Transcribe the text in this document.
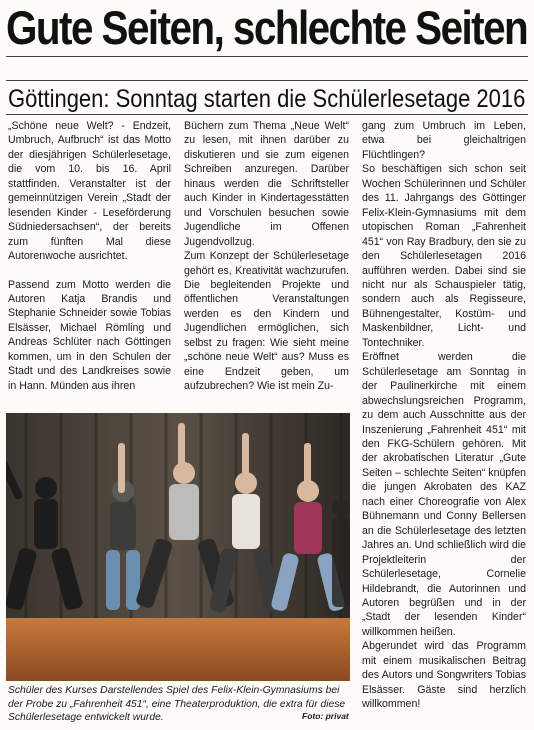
Gute Seiten, schlechte Seiten
Göttingen: Sonntag starten die Schülerlesetage 2016

„Schöne neue Welt? - Endzeit, Umbruch, Aufbruch“ ist das Motto der diesjährigen Schülerlesetage, die vom 10. bis 16. April stattfinden. Veranstalter ist der gemeinnützigen Verein „Stadt der lesenden Kinder - Leseförderung Südniedersachsen“, der bereits zum fünften Mal diese Autorenwoche ausrichtet.

Passend zum Motto werden die Autoren Katja Brandis und Stephanie Schneider sowie Tobias Elsässer, Michael Römling und Andreas Schlüter nach Göttingen kommen, um in den Schulen der Stadt und des Landkreises sowie in Hann. Münden aus ihren

Büchern zum Thema „Neue Welt“ zu lesen, mit ihnen darüber zu diskutieren und sie zum eigenen Schreiben anzuregen. Darüber hinaus werden die Schriftsteller auch Kinder in Kindertagesstätten und Vorschulen besuchen sowie Jugendliche im Offenen Jugendvollzug.

Zum Konzept der Schülerlesetage gehört es, Kreativität wachzurufen. Die begleitenden Projekte und öffentlichen Veranstaltungen werden es den Kindern und Jugendlichen ermöglichen, sich selbst zu fragen: Wie sieht meine „schöne neue Welt“ aus? Muss es eine Endzeit geben, um aufzubrechen? Wie ist mein Zu-

gang zum Umbruch im Leben, etwa bei gleichaltrigen Flüchtlingen?

So beschäftigen sich schon seit Wochen Schülerinnen und Schüler des 11. Jahrgangs des Göttinger Felix-Klein-Gymnasiums mit dem utopischen Roman „Fahrenheit 451“ von Ray Bradbury, den sie zu den Schülerlesetagen 2016 aufführen werden. Dabei sind sie nicht nur als Schauspieler tätig, sondern auch als Regisseure, Bühnengestalter, Kostüm- und Maskenbildner, Licht- und Tontechniker.

Eröffnet werden die Schülerlesetage am Sonntag in der Paulinerkirche mit einem abwechslungsreichen Programm, zu dem auch Ausschnitte aus der Inszenierung „Fahrenheit 451“ mit den FKG-Schülern gehören. Mit der akrobatischen Literatur „Gute Seiten – schlechte Seiten“ knüpfen die jungen Akrobaten des KAZ nach einer Choreografie von Alex Bühnemann und Conny Bellersen an die Schülerlesetage des letzten Jahres an. Und schließlich wird die Projektleiterin der Schülerlesetage, Cornelie Hildebrandt, die Autorinnen und Autoren begrüßen und in der „Stadt der lesenden Kinder“ willkommen heißen.

Abgerundet wird das Programm mit einem musikalischen Beitrag des Autors und Songwriters Tobias Elsässer. Gäste sind herzlich willkommen!

Schüler des Kurses Darstellendes Spiel des Felix-Klein-Gymnasiums bei der Probe zu „Fahrenheit 451“, eine Theaterproduktion, die extra für diese Schülerlesetage entwickelt wurde.	Foto: privat
